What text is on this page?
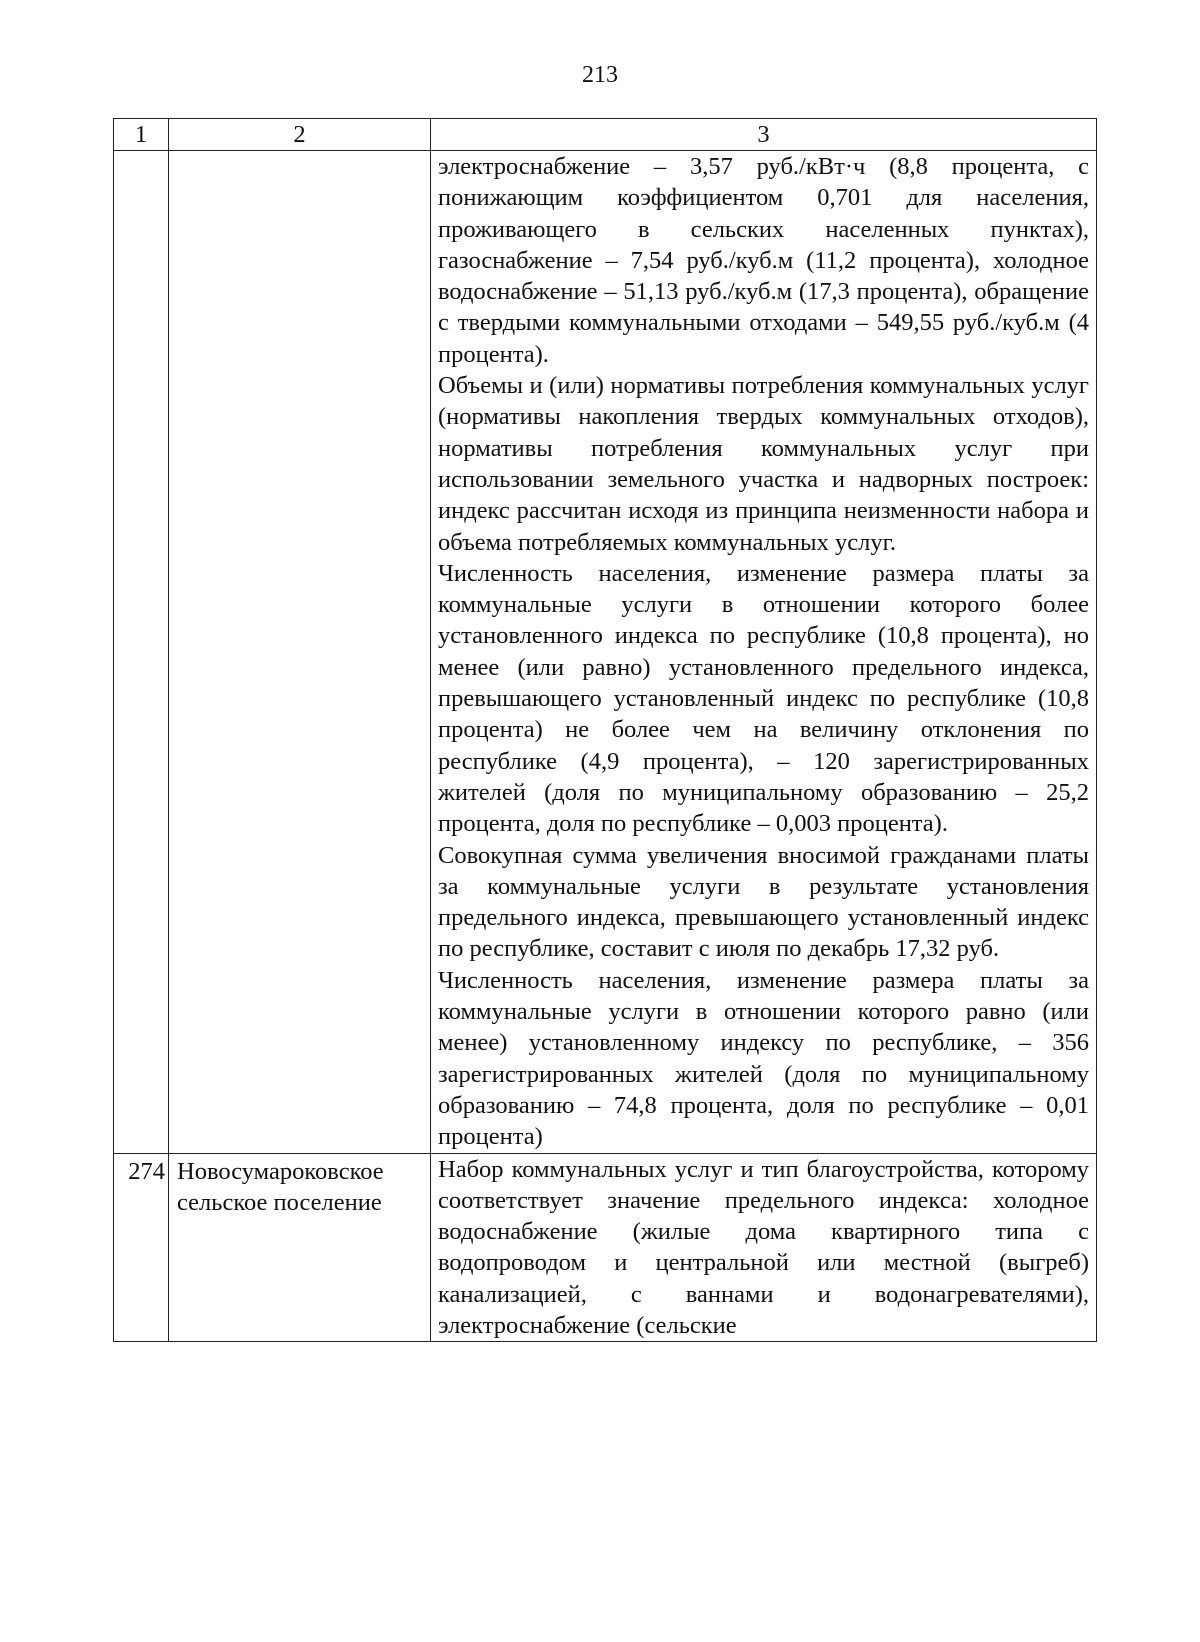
213
1	2	3

		электроснабжение – 3,57 руб./кВт·ч (8,8 процента, с понижающим коэффициентом 0,701 для населения, проживающего в сельских населенных пунктах), газоснабжение – 7,54 руб./куб.м (11,2 процента), холодное водоснабжение – 51,13 руб./куб.м (17,3 процента), обращение с твердыми коммунальными отходами – 549,55 руб./куб.м (4 процента).

Объемы и (или) нормативы потребления коммунальных услуг (нормативы накопления твердых коммунальных отходов), нормативы потребления коммунальных услуг при использовании земельного участка и надворных построек: индекс рассчитан исходя из принципа неизменности набора и объема потребляемых коммунальных услуг.

Численность населения, изменение размера платы за коммунальные услуги в отношении которого более установленного индекса по республике (10,8 процента), но менее (или равно) установленного предельного индекса, превышающего установленный индекс по республике (10,8 процента) не более чем на величину отклонения по республике (4,9 процента), – 120 зарегистрированных жителей (доля по муниципальному образованию – 25,2 процента, доля по республике – 0,003 процента).

Совокупная сумма увеличения вносимой гражданами платы за коммунальные услуги в результате установления предельного индекса, превышающего установленный индекс по республике, составит с июля по декабрь 17,32 руб.

Численность населения, изменение размера платы за коммунальные услуги в отношении которого равно (или менее) установленному индексу по республике, – 356 зарегистрированных жителей (доля по муниципальному образованию – 74,8 процента, доля по республике – 0,01 процента)

274	Новосумароковское сельское поселение	Набор коммунальных услуг и тип благоустройства, которому соответствует значение предельного индекса: холодное водоснабжение (жилые дома квартирного типа с водопроводом и центральной или местной (выгреб) канализацией, с ваннами и водонагревателями), электроснабжение (сельские
